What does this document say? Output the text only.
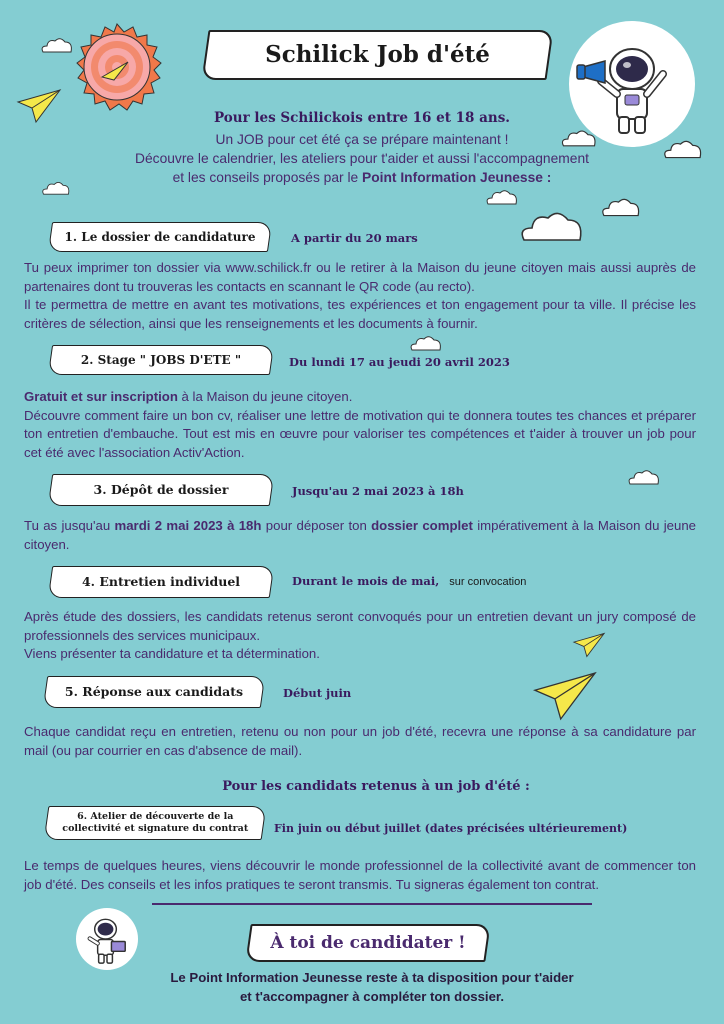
Schilick Job d'été
Pour les Schilickois entre 16 et 18 ans.
Un JOB pour cet été ça se prépare maintenant !
Découvre le calendrier, les ateliers pour t'aider et aussi l'accompagnement
et les conseils proposés par le Point Information Jeunesse :
1. Le dossier de candidature	A partir du 20 mars
Tu peux imprimer ton dossier via www.schilick.fr ou le retirer à la Maison du jeune citoyen mais aussi auprès de partenaires dont tu trouveras les contacts en scannant le QR code (au recto).
Il te permettra de mettre en avant tes motivations, tes expériences et ton engagement pour ta ville. Il précise les critères de sélection, ainsi que les renseignements et les documents à fournir.
2. Stage " JOBS D'ETE "	Du lundi 17 au jeudi 20 avril 2023
Gratuit et sur inscription à la Maison du jeune citoyen.
Découvre comment faire un bon cv, réaliser une lettre de motivation qui te donnera toutes tes chances et préparer ton entretien d'embauche. Tout est mis en œuvre pour valoriser tes compétences et t'aider à trouver un job pour cet été avec l'association Activ'Action.
3. Dépôt de dossier	Jusqu'au 2 mai 2023 à 18h
Tu as jusqu'au mardi 2 mai 2023 à 18h pour déposer ton dossier complet impérativement à la Maison du jeune citoyen.
4. Entretien individuel	Durant le mois de mai, sur convocation
Après étude des dossiers, les candidats retenus seront convoqués pour un entretien devant un jury composé de professionnels des services municipaux.
Viens présenter ta candidature et ta détermination.
5. Réponse aux candidats	Début juin
Chaque candidat reçu en entretien, retenu ou non pour un job d'été, recevra une réponse à sa candidature par mail (ou par courrier en cas d'absence de mail).
Pour les candidats retenus à un job d'été :
6. Atelier de découverte de la
collectivité et signature du contrat	Fin juin ou début juillet (dates précisées ultérieurement)
Le temps de quelques heures, viens découvrir le monde professionnel de la collectivité avant de commencer ton job d'été. Des conseils et les infos pratiques te seront transmis. Tu signeras également ton contrat.
À toi de candidater !
Le Point Information Jeunesse reste à ta disposition pour t'aider
et t'accompagner à compléter ton dossier.
